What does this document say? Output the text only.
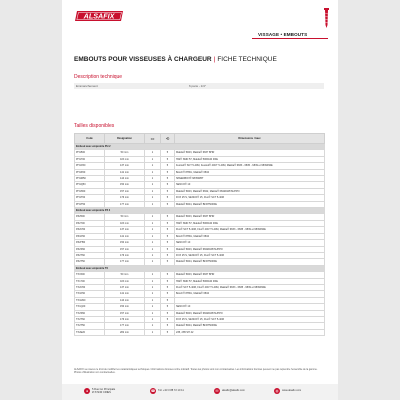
ALSAFIX
VISSAGE • EMBOUTS
EMBOUTS POUR VISSEUSES À CHARGEUR | FICHE TECHNIQUE
Description technique
Emmanchement	6 pans - 1/4"
Tailles disponibles
Code	Désignation	▭	⟲	Dimensions / taux
Embout avec empreinte PH 2				
PH1500	50 mm	1	5	Makita® 6843, Makita® 6837 BHR
PH1700	115 mm	1	5	Hilti® SMD 57, Makita® BFR440 RFE
PH1C50	137 mm	1	5	Festool® SCT 5-40M, Festool® 40CT 5-40M, Makita® 6833 - 6835 - 6839 et 6839DWE
PH1K50	141 mm	1	5	Bosch® 8HSU, Makita® 6834
PH1M50	144 mm	1	5	SPEEDBOX® 6835WBT
PH1Q50	150 mm	1	5	SENCO® 10
PH1S50	157 mm	1	5	Makita® 6843, Makita® 6842, Makita® 6842DWFSUPPO
PH1T60	176 mm	1	5	FOX 25 S, SENCO® 15, Flux® SCT 5-40M
PH1T50	177 mm	1	5	Makita® 6844, Makita® BFR750RFE
Embout avec empreinte PZ 2				
PZ2500	50 mm	1	5	Makita® 6843, Makita® 6837 BHR
PZ2700	115 mm	1	5	Hilti® SMD 57, Makita® BFR440 RFE
PZ2C50	137 mm	1	5	Flux® SCT 5-40M, Flux® 40CT 5-40M, Makita® 6833 - 6835 - 6839 et 6839DWE
PZ1K50	141 mm	1	5	Bosch® 8HSU, Makita® 6834
PZ2H50	150 mm	1	5	SENCO® 10
PZ2S50	157 mm	1	5	Makita® 6843, Makita® 6842DWFSUPPO
PZ2T60	176 mm	1	5	FOX 25 S, SENCO® 15, Flux® SCT 5-40M
PZ2T50	177 mm	1	5	Makita® 6844, Makita® BFR750RFE
Embout avec empreinte TX				
TX1500	50 mm	1	5	Makita® 6843, Makita® 6837 BHR
TX1700	115 mm	1	5	Hilti® SMD 57, Makita® BFR440 RFE
TX2C50	137 mm	1	5	Flux® SCT 5-40M, Flux® 40CT 5-40M, Makita® 6833 - 6835 - 6839 et 6839DWE
TX1K50	141 mm	1	5	Bosch® 8HSU, Makita® 6834
TX1M20	144 mm	1	5	
TX1Q20	150 mm	1	5	SENCO® 10
TX2S50	157 mm	1	5	Makita® 6843, Makita® 6842DWFSUPPO
TX2T60	176 mm	1	5	FOX 25 S, SENCO® 15, Flux® SCT 5-40M
TX2T50	177 mm	1	5	Makita® 6844, Makita® BFR750RFE
TX2E20	282 mm	1	5	235, 285 SH 42
ALSAFIX se réserve le droit de modifier les caractéristiques techniques. Informations données à titre indicatif. Toutes les photos sont non contractuelles. Les informations fournies peuvent ne pas reprendre l'ensemble de la gamme. Photos d'illustration non contractuelles.
●	5 Rue Ivo Principale
ZI 67240 CRIES	☎	Tél. +33 3 88 72 10 11	✉	alsafix@alsafix.com	◍	www.alsafix.com
